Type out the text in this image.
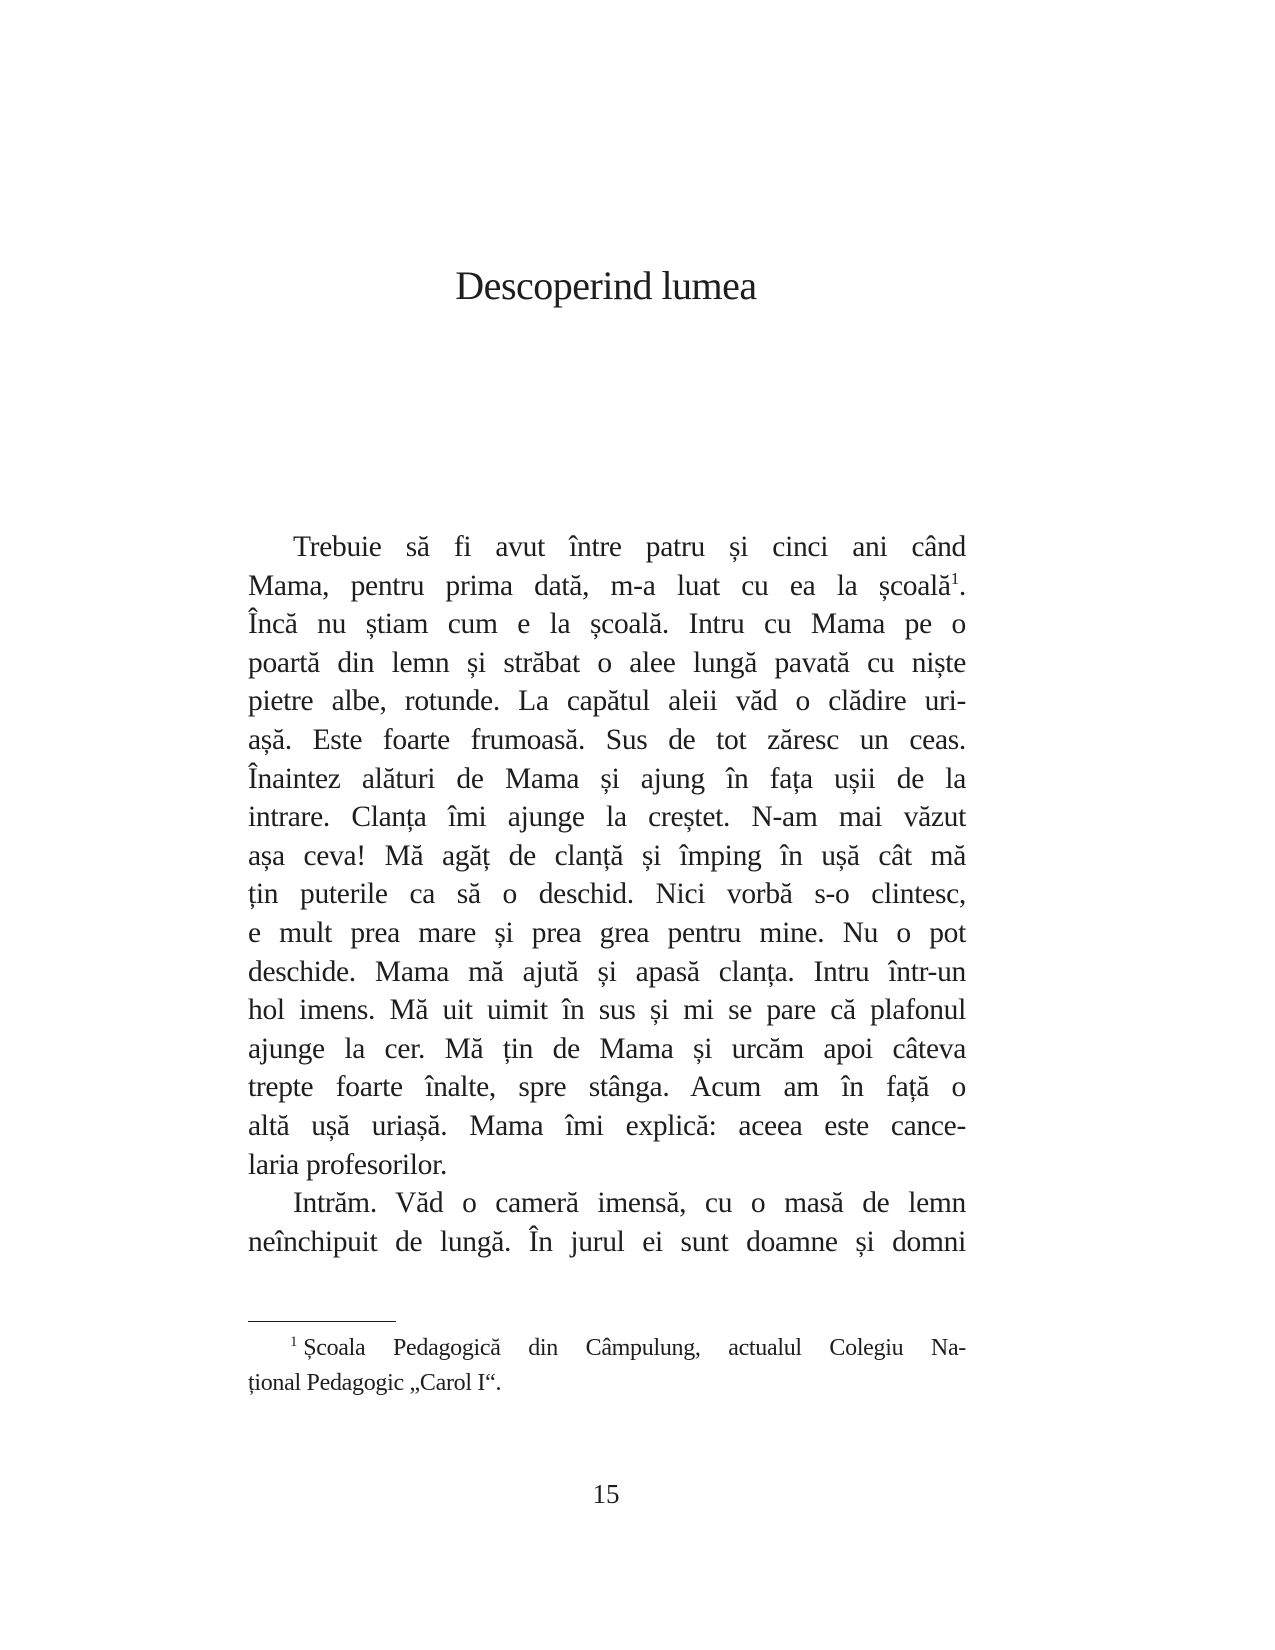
Descoperind lumea
Trebuie să fi avut între patru și cinci ani când
Mama, pentru prima dată, m-a luat cu ea la școală$^1$.
Încă nu știam cum e la școală. Intru cu Mama pe o
poartă din lemn și străbat o alee lungă pavată cu niște
pietre albe, rotunde. La capătul aleii văd o clădire uri-
așă. Este foarte frumoasă. Sus de tot zăresc un ceas.
Înaintez alături de Mama și ajung în fața ușii de la
intrare. Clanța îmi ajunge la creștet. N-am mai văzut
așa ceva! Mă agăț de clanță și împing în ușă cât mă
țin puterile ca să o deschid. Nici vorbă s-o clintesc,
e mult prea mare și prea grea pentru mine. Nu o pot
deschide. Mama mă ajută și apasă clanța. Intru într-un
hol imens. Mă uit uimit în sus și mi se pare că plafonul
ajunge la cer. Mă țin de Mama și urcăm apoi câteva
trepte foarte înalte, spre stânga. Acum am în față o
altă ușă uriașă. Mama îmi explică: aceea este cance-
laria profesorilor.
Intrăm. Văd o cameră imensă, cu o masă de lemn
neînchipuit de lungă. În jurul ei sunt doamne și domni
$^1$ Școala Pedagogică din Câmpulung, actualul Colegiu Na-
țional Pedagogic „Carol I“.
15
